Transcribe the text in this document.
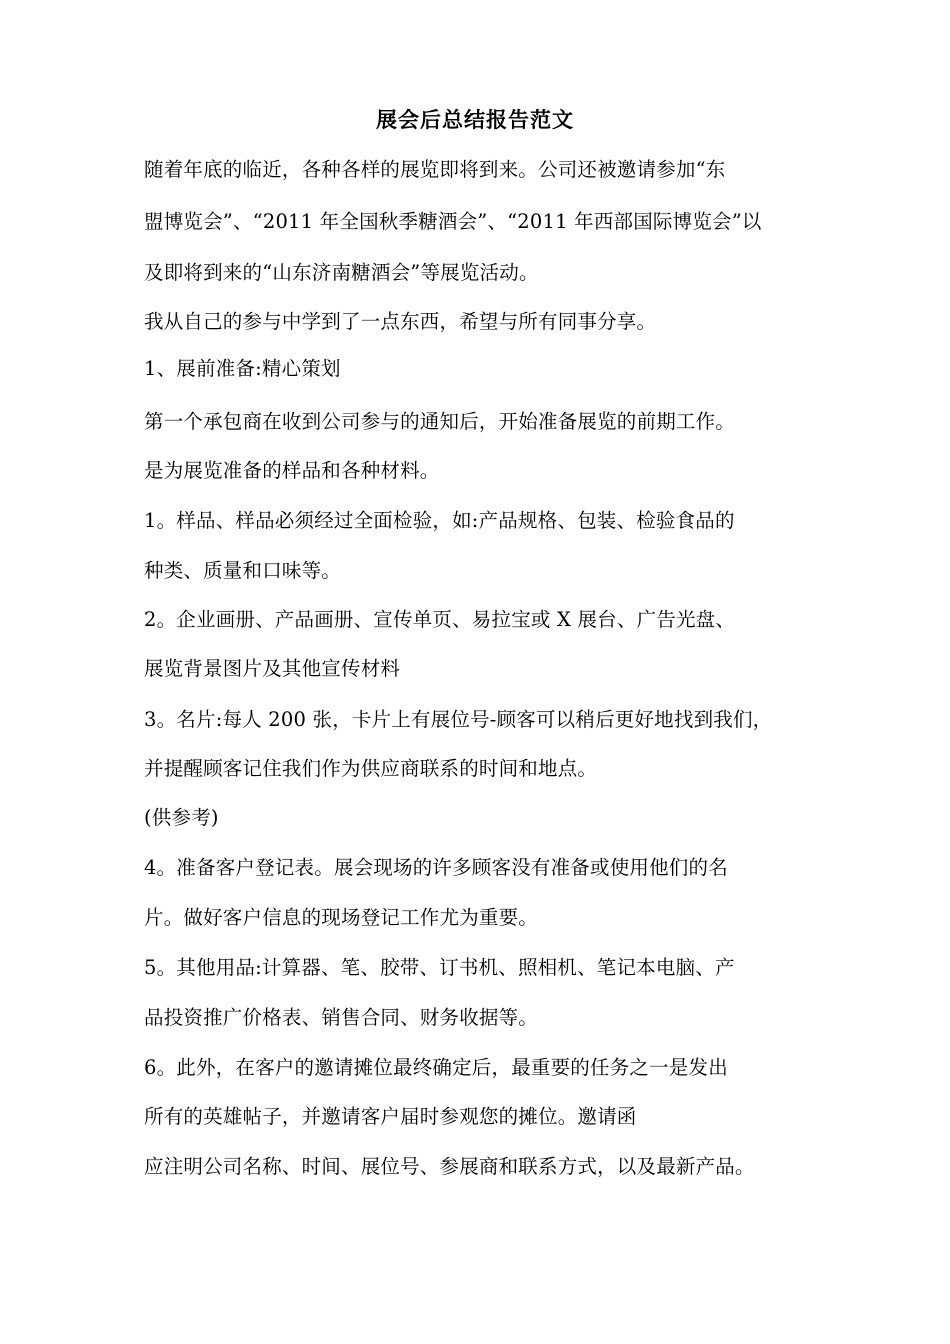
展会后总结报告范文
随着年底的临近，各种各样的展览即将到来。公司还被邀请参加“东
盟博览会”、“2011 年全国秋季糖酒会”、“2011 年西部国际博览会”以
及即将到来的“山东济南糖酒会”等展览活动。
我从自己的参与中学到了一点东西，希望与所有同事分享。
1、展前准备:精心策划
第一个承包商在收到公司参与的通知后，开始准备展览的前期工作。
是为展览准备的样品和各种材料。
1。样品、样品必须经过全面检验，如:产品规格、包装、检验食品的
种类、质量和口味等。
2。企业画册、产品画册、宣传单页、易拉宝或 X 展台、广告光盘、
展览背景图片及其他宣传材料
3。名片:每人 200 张，卡片上有展位号-顾客可以稍后更好地找到我们，
并提醒顾客记住我们作为供应商联系的时间和地点。
(供参考)
4。准备客户登记表。展会现场的许多顾客没有准备或使用他们的名
片。做好客户信息的现场登记工作尤为重要。
5。其他用品:计算器、笔、胶带、订书机、照相机、笔记本电脑、产
品投资推广价格表、销售合同、财务收据等。
6。此外，在客户的邀请摊位最终确定后，最重要的任务之一是发出
所有的英雄帖子，并邀请客户届时参观您的摊位。邀请函
应注明公司名称、时间、展位号、参展商和联系方式，以及最新产品。
